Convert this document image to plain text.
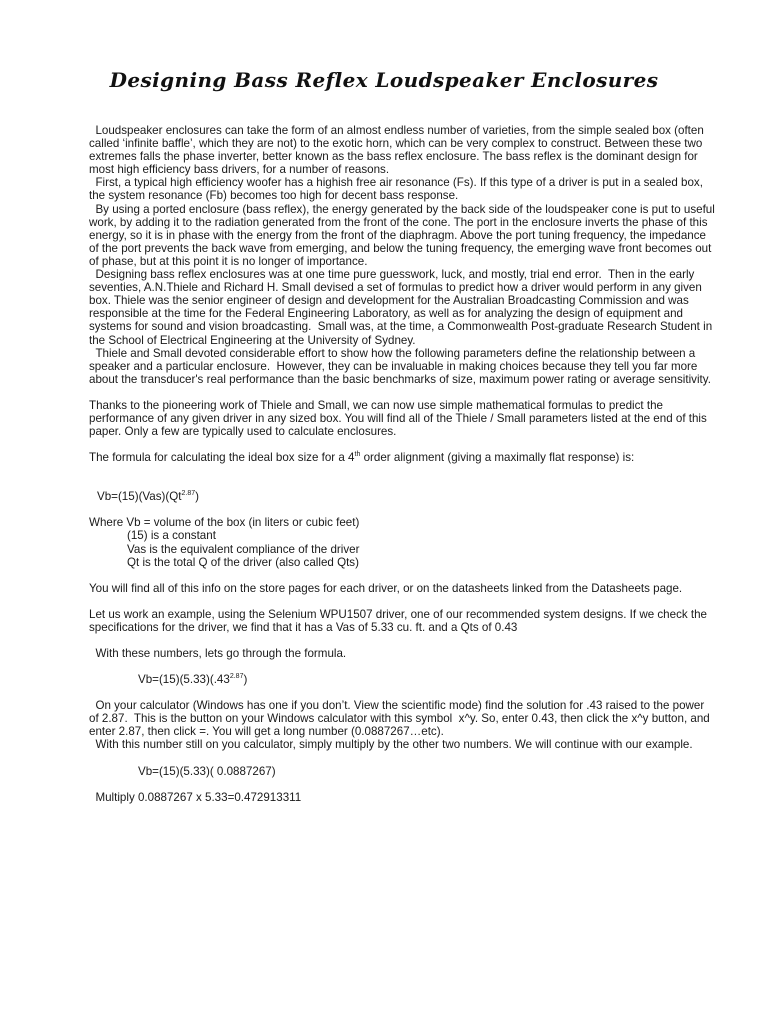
Designing Bass Reflex Loudspeaker Enclosures

Loudspeaker enclosures can take the form of an almost endless number of varieties, from the simple sealed box (often called ‘infinite baffle’, which they are not) to the exotic horn, which can be very complex to construct. Between these two extremes falls the phase inverter, better known as the bass reflex enclosure. The bass reflex is the dominant design for most high efficiency bass drivers, for a number of reasons.

First, a typical high efficiency woofer has a highish free air resonance (Fs). If this type of a driver is put in a sealed box, the system resonance (Fb) becomes too high for decent bass response.

By using a ported enclosure (bass reflex), the energy generated by the back side of the loudspeaker cone is put to useful work, by adding it to the radiation generated from the front of the cone. The port in the enclosure inverts the phase of this energy, so it is in phase with the energy from the front of the diaphragm. Above the port tuning frequency, the impedance of the port prevents the back wave from emerging, and below the tuning frequency, the emerging wave front becomes out of phase, but at this point it is no longer of importance.

Designing bass reflex enclosures was at one time pure guesswork, luck, and mostly, trial end error.  Then in the early seventies, A.N.Thiele and Richard H. Small devised a set of formulas to predict how a driver would perform in any given box. Thiele was the senior engineer of design and development for the Australian Broadcasting Commission and was responsible at the time for the Federal Engineering Laboratory, as well as for analyzing the design of equipment and systems for sound and vision broadcasting.  Small was, at the time, a Commonwealth Post-graduate Research Student in the School of Electrical Engineering at the University of Sydney.

Thiele and Small devoted considerable effort to show how the following parameters define the relationship between a speaker and a particular enclosure.  However, they can be invaluable in making choices because they tell you far more about the transducer's real performance than the basic benchmarks of size, maximum power rating or average sensitivity.

Thanks to the pioneering work of Thiele and Small, we can now use simple mathematical formulas to predict the performance of any given driver in any sized box. You will find all of the Thiele / Small parameters listed at the end of this paper. Only a few are typically used to calculate enclosures.

The formula for calculating the ideal box size for a 4th order alignment (giving a maximally flat response) is:

$Vb=(15)(Vas)(Qt^{2.87})$

Where Vb = volume of the box (in liters or cubic feet)

(15) is a constant

Vas is the equivalent compliance of the driver

Qt is the total Q of the driver (also called Qts)

You will find all of this info on the store pages for each driver, or on the datasheets linked from the Datasheets page.

Let us work an example, using the Selenium WPU1507 driver, one of our recommended system designs. If we check the specifications for the driver, we find that it has a Vas of 5.33 cu. ft. and a Qts of 0.43

With these numbers, lets go through the formula.

$Vb=(15)(5.33)(.43^{2.87})$

On your calculator (Windows has one if you don’t. View the scientific mode) find the solution for .43 raised to the power of 2.87.  This is the button on your Windows calculator with this symbol  x^y. So, enter 0.43, then click the x^y button, and enter 2.87, then click =. You will get a long number (0.0887267…etc).

With this number still on you calculator, simply multiply by the other two numbers. We will continue with our example.

Vb=(15)(5.33)( 0.0887267)

Multiply 0.0887267 x 5.33=0.472913311
